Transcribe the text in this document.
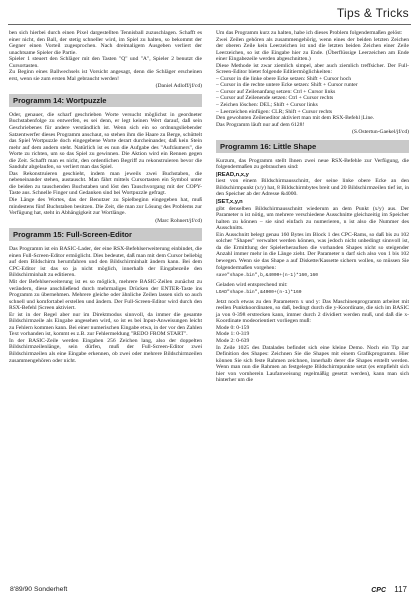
Tips & Tricks

ben sich hierbei durch einen Pixel dargestellten Tennisball zuzuschlagen. Schafft es einer nicht, den Ball, der stetig schneller wird, im Spiel zu halten, so bekommt der Gegner einen Vorteil zugesprochen. Nach dreimaligem Ausgeben verliert der unachtsame Spieler die Partie.

Spieler 1 steuert den Schläger mit den Tasten "Q" und "A", Spieler 2 benutzt die Cursortasten.

Zu Beginn eines Ballwechsels ist Vorsicht angesagt, denn die Schläger erscheinen erst, wenn sie zum ersten Mal gebraucht werden!

(Daniel Adloff/jf/cd)

Programm 14: Wortpuzzle

Oder, genauer, die scharf geschrieben Worte versucht möglichst in geordneter Buchstabenfolge zu entwerfen, es sei denn, er legt keinen Wert darauf, daß sein Geschriebenes für andere verständlich ist. Wenn sich ein so ordnungsliebender Satzentwerfer dieses Programm anschaut, so stehen ihm die Haare zu Berge, schüttelt das Spiel Wortpuzzle doch eingegebene Worte derart durcheinander, daß kein Stein mehr auf dem andern steht. Natürlich ist es nun die Aufgabe des "Aufräumers", die Worte zu richten, um so das Spiel zu gewinnen. Die Aktion wird ein Rennen gegen die Zeit. Schafft man es nicht, den ordentlichen Begriff zu rekonstruieren bevor die Sanduhr abgelaufen, so verliert man das Spiel.

Das Rekonstruieren geschieht, indem man jeweils zwei Buchstaben, die nebeneinander stehen, austauscht. Man fährt mittels Cursortasten ein Symbol unter die beiden zu tauschenden Buchstaben und löst den Tauschvorgang mit der COPY-Taste aus. Schnelle Finger und Gedanken sind bei Wortpuzzle gefragt.

Die Länge des Wortes, das der Benutzer zu Spielbeginn eingegeben hat, muß mindestens fünf Buchstaben besitzen. Die Zeit, die man zur Lösung des Problems zur Verfügung hat, steht in Abhängigkeit zur Wortlänge.

(Marc Rohnert/jf/cd)

Programm 15: Full-Screen-Editor

Das Programm ist ein BASIC-Lader, der eine RSX-Befehlserweiterung einbindet, die einen Full-Screen-Editor ermöglicht. Dies bedeutet, daß man mit dem Cursor beliebig auf dem Bildschirm herumfahren und den Bildschirminhalt ändern kann. Bei dem CPC-Editor ist das so ja nicht möglich, innerhalb der Eingabezeile den Bildschirminhalt zu editieren.

Mit der Befehlserweiterung ist es so möglich, mehrere BASIC-Zeilen zunächst zu verändern, diese anschließend durch mehrmaliges Drücken der ENTER-Taste ins Programm zu übernehmen. Mehrere gleiche oder ähnliche Zeilen lassen sich so auch schnell und komfortabel erstellen und ändern. Der Full-Screen-Editor wird durch den RSX-Befehl |Screen aktiviert.

Er ist in der Regel aber nur im Direktmodus sinnvoll, da immer die gesamte Bildschirmzeile als Eingabe angesehen wird, so ist es bei Input-Anweisungen leicht zu Fehlern kommen kann. Bei einer numerischen Eingabe etwa, in der vor den Zahlen Text vorhanden ist, kommt es z.B. zur Fehlermeldung "REDO FROM START".

In der BASIC-Zeile werden Eingaben 256 Zeichen lang, also der doppelten Bildschirmzeilenlänge, sein dürfen, muß der Full-Screen-Editor zwei Bildschirmzeilen als eine Eingabe erkennen, ob zwei oder mehrere Bildschirmzeilen zusammengehören oder nicht.

Um das Programm kurz zu halten, habe ich dieses Problem folgendermaßen gelöst:

Zwei Zeilen gehören als zusammengehörig, wenn eines der beiden letzten Zeichen der oberen Zeile kein Leerzeichen ist und die letzten beiden Zeichen einer Zeile Leerzeichen, so ist die Eingabe hier zu Ende. (Überflüssige Leerzeichen am Ende einer Eingabezeile werden abgeschnitten.)

Diese Methode ist zwar ziemlich simpel, aber auch ziemlich treffsicher. Der Full-Screen-Editor bietet folgende Editiermöglichkeiten:

– Cursor in die linke obere Ecke setzen: Shift + Cursor hoch

– Cursor in die rechte untere Ecke setzen: Shift + Cursor runter

– Cursor auf Zeilenanfang setzen: Ctrl + Cursor links

– Cursor auf Zeilenende setzen: Ctrl + Cursor rechts

– Zeichen löschen: DEL; Shift + Cursor links

– Leerzeichen einfügen: CLR; Shift + Cursor rechts

Den gewohnten Zeileneditor aktiviert man mit dem RSX-Befehl |Line.

Das Programm läuft nur auf dem 6128!

(S.Ostertun-Gaekel/jf/cd)

Programm 16: Little Shape

Kurzum, das Programm stellt Ihnen zwei neue RSX-Befehle zur Verfügung, die folgendermaßen zu gebrauchen sind:

|READ,n,x,y

liest von einem Bildschirmausschnitt, der seine linke obere Ecke an den Bildschirmpunkt (x/y) hat, 8 Bildschirmbytes breit und 20 Bildschirmzeilen tief ist, in den Speicher ab der Adresse &4000.

|SET,x,y,n

gibt denselben Bildschirmausschnitt wiederum an dem Punkt (x/y) aus. Der Parameter n ist nötig, um mehrere verschiedene Ausschnitte gleichzeitig im Speicher halten zu können – sie sind einfach zu numerieren, n ist also die Nummer des Ausschnitts.

Ein Ausschnitt belegt genau 160 Bytes im Block 1 des CPC-Rams, so daß bis zu 102 solcher "Shapes" verwaltet werden können, was jedoch nicht unbedingt sinnvoll ist, da die Ermittlung der Spielerheraufsen die vorhanden Shapes nicht so steigender Anzahl immer mehr in die Länge zieht. Der Parameter n darf sich also von 1 bis 102 bewegen. Wenn sie das Shape a auf Diskette/Kassette sichern wollen, so müssen Sie folgendermaßen vorgehen:

save"shape.bin",b,&4000+(n-1)*160,160

Geladen wird entsprechend mit:

LOAD"shape.bin",&4000+(n-1)*160

Jetzt noch etwas zu den Parametern x und y: Das Maschinenprogramm arbeitet mit reellen Punktkoordinaten, so daß, bedingt durch die y-Koordinate, die sich im BASIC ja von 0-398 erstrecken kann, immer durch 2 dividiert werden muß, und daß die x-Koordinate modeorientiert vorliegen muß:

Mode 0: 0-159

Mode 1: 0-319

Mode 2: 0-639

In Zeile 1025 des Datalades befindet sich eine kleine Demo. Noch ein Tip zur Definition des Shapes: Zeichnen Sie die Shapes mit einem Grafikprogramm. Hier können Sie sich feste Rahmen zeichnen, innerhalb derer die Shapes erstellt werden. Wenn man nun die Rahmen an festgelegte Bildschirmpunkte setzt (es empfiehlt sich hier von vornherein Laufanweisung regelmäßig gesetzt werden), kann man sich hinterher um die

8'89/90 Sonderheft	CPC 117
